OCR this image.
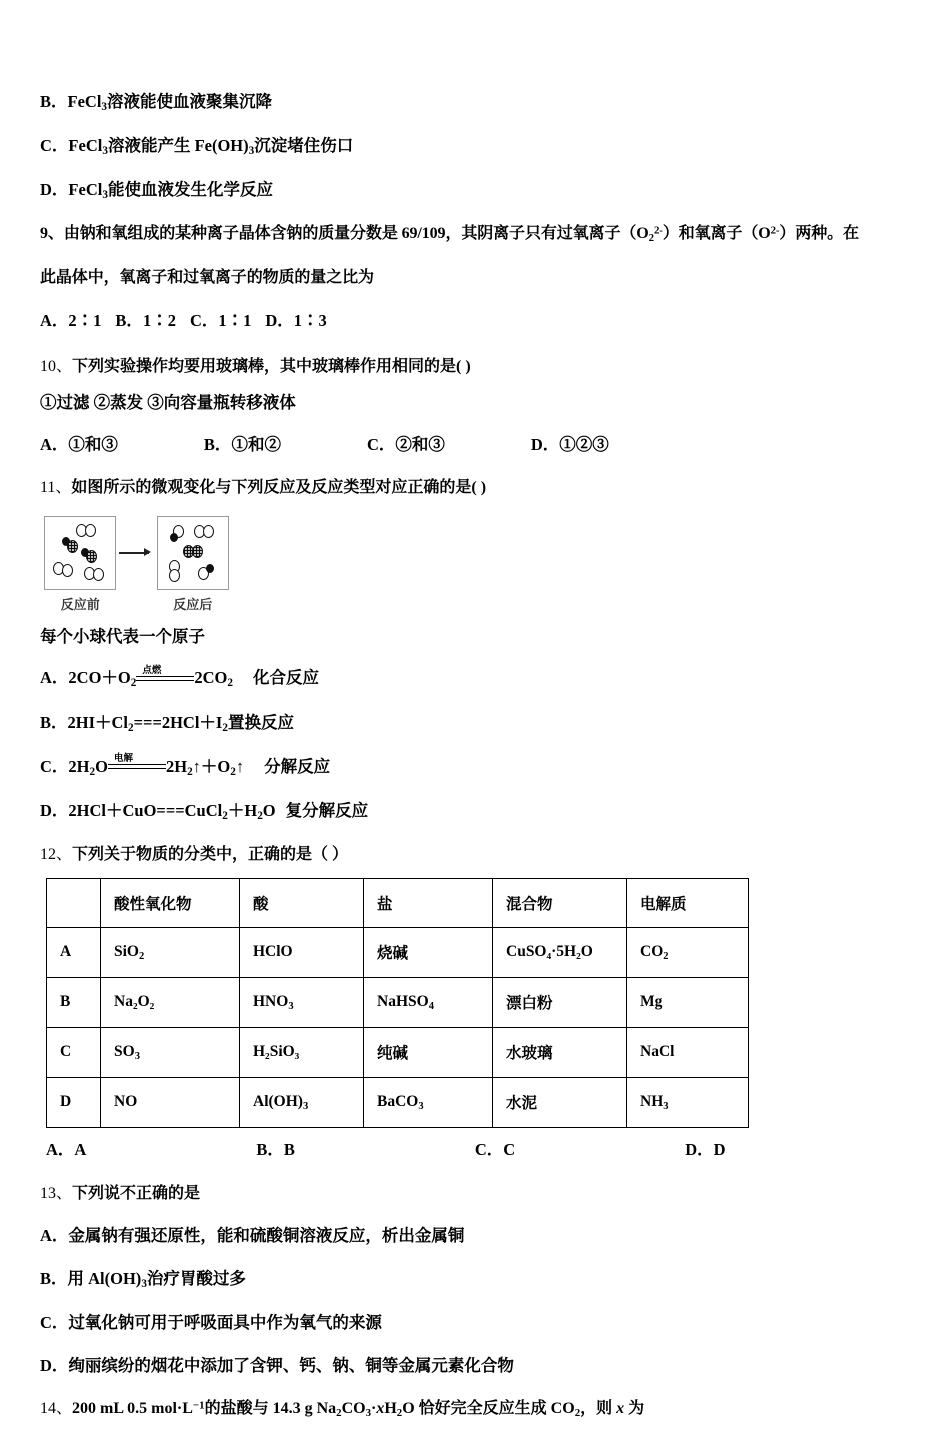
B．FeCl$_3$溶液能使血液聚集沉降
C．FeCl$_3$溶液能产生 $Fe(OH)_3$沉淀堵住伤口
D．FeCl$_3$能使血液发生化学反应
9、由钠和氧组成的某种离子晶体含钠的质量分数是 69/109，其阴离子只有过氧离子$(O_2^{2-})$和氧离子$(O^{2-})$两种。在
此晶体中，氧离子和过氧离子的物质的量之比为
A．2∶1 B．1∶2 C．1∶1 D．1∶3
10、下列实验操作均要用玻璃棒，其中玻璃棒作用相同的是( )
①过滤 ②蒸发 ③向容量瓶转移液体
A．①和③	B．①和②	C．②和③	D．①②③
11、如图所示的微观变化与下列反应及反应类型对应正确的是( )
反应前	反应后
每个小球代表一个原子
A．$2CO+O_2$
点燃 $2CO_2$ 化合反应
B．$2HI+Cl_2===2HCl+I_2$置换反应
C．$2H_2O$ 电解 $2H_2↑+O_2↑$ 分解反应
D．$2HCl+CuO===CuCl_2+H_2O$ 复分解反应
12、下列关于物质的分类中，正确的是（ ）
	酸性氧化物	酸	盐	混合物	电解质
A	SiO$_2$	HClO	烧碱	CuSO₄·5H₂O	$CO_2$
B	Na₂O₂	$HNO_3$	NaHSO$_4$	漂白粉	Mg
C	$SO_3$	H₂SiO₃	纯碱	水玻璃	NaCl
D	NO	$Al(OH)_3$	BaCO$_3$	水泥	$NH_3$
A．A	B．B	C．C	D．D
13、下列说不正确的是
A．金属钠有强还原性，能和硫酸铜溶液反应，析出金属铜
B．用 $Al(OH)_3$治疗胃酸过多
C．过氧化钠可用于呼吸面具中作为氧气的来源
D．绚丽缤纷的烟花中添加了含钾、钙、钠、铜等金属元素化合物
14、200 mL 0.5 $mol\cdot L^{-1}$的盐酸与 14.3 g $Na_2CO_3\cdot xH_2O$ 恰好完全反应生成 $CO_2$，则 x 为
